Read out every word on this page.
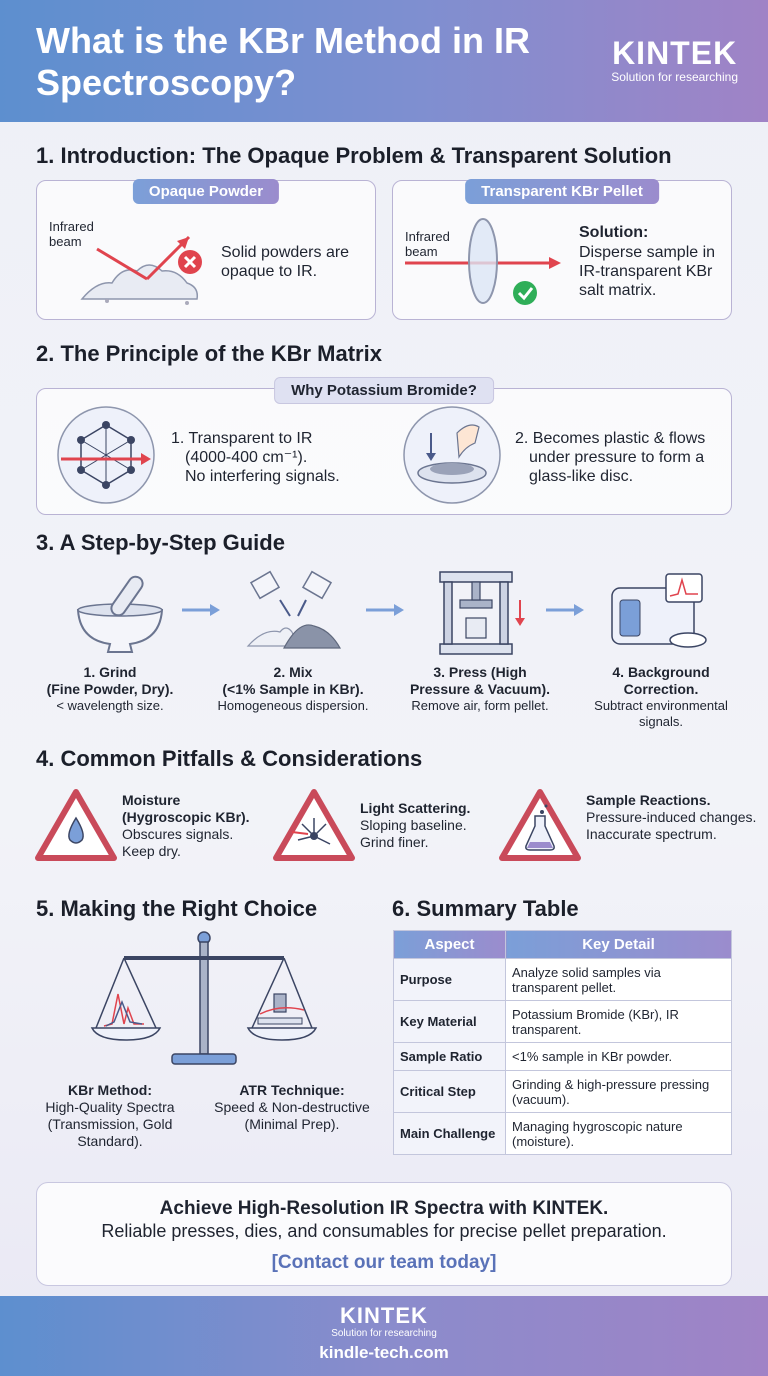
What is the KBr Method in IR Spectroscopy?
KINTEK
Solution for researching
1. Introduction: The Opaque Problem & Transparent Solution
Opaque Powder
Infrared beam
Solid powders are opaque to IR.
Transparent KBr Pellet
Infrared beam
Solution:
Disperse sample in IR-transparent KBr salt matrix.
2. The Principle of the KBr Matrix
Why Potassium Bromide?
1. Transparent to IR
(4000-400 cm⁻¹).
No interfering signals.
2. Becomes plastic & flows
under pressure to form a
glass-like disc.
3. A Step-by-Step Guide
1. Grind
(Fine Powder, Dry).
< wavelength size.
2. Mix
(<1% Sample in KBr).
Homogeneous dispersion.
3. Press (High
Pressure & Vacuum).
Remove air, form pellet.
4. Background
Correction.
Subtract environmental signals.
4. Common Pitfalls & Considerations
Moisture
(Hygroscopic KBr).
Obscures signals.
Keep dry.
Light Scattering.
Sloping baseline.
Grind finer.
Sample Reactions.
Pressure-induced changes.
Inaccurate spectrum.
5. Making the Right Choice
KBr Method:
High-Quality Spectra (Transmission, Gold Standard).
ATR Technique:
Speed & Non-destructive (Minimal Prep).
6. Summary Table
Aspect	Key Detail
Purpose	Analyze solid samples via transparent pellet.
Key Material	Potassium Bromide (KBr), IR transparent.
Sample Ratio	<1% sample in KBr powder.
Critical Step	Grinding & high-pressure pressing (vacuum).
Main Challenge	Managing hygroscopic nature (moisture).
Achieve High-Resolution IR Spectra with KINTEK.
Reliable presses, dies, and consumables for precise pellet preparation.
[Contact our team today]
KINTEK
Solution for researching
kindle-tech.com
